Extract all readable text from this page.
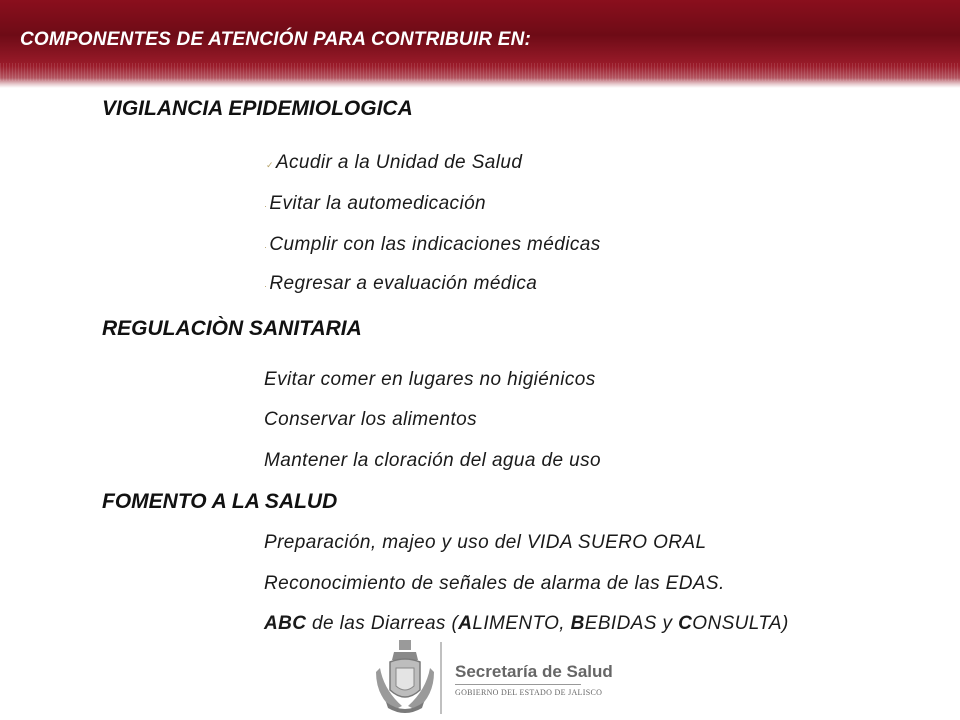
COMPONENTES DE ATENCIÓN PARA CONTRIBUIR EN:
VIGILANCIA EPIDEMIOLOGICA
✓ Acudir a la Unidad de Salud
· Evitar la automedicación
· Cumplir con las indicaciones médicas
· Regresar a evaluación médica
REGULACIÒN SANITARIA
Evitar comer en lugares no higiénicos
Conservar los alimentos
Mantener la cloración del agua de uso
FOMENTO A LA SALUD
Preparación, majeo y uso del VIDA SUERO ORAL
Reconocimiento de señales de alarma de las EDAS.
ABC de las Diarreas (ALIMENTO, BEBIDAS y CONSULTA)
Secretaría de Salud
GOBIERNO DEL ESTADO DE JALISCO
